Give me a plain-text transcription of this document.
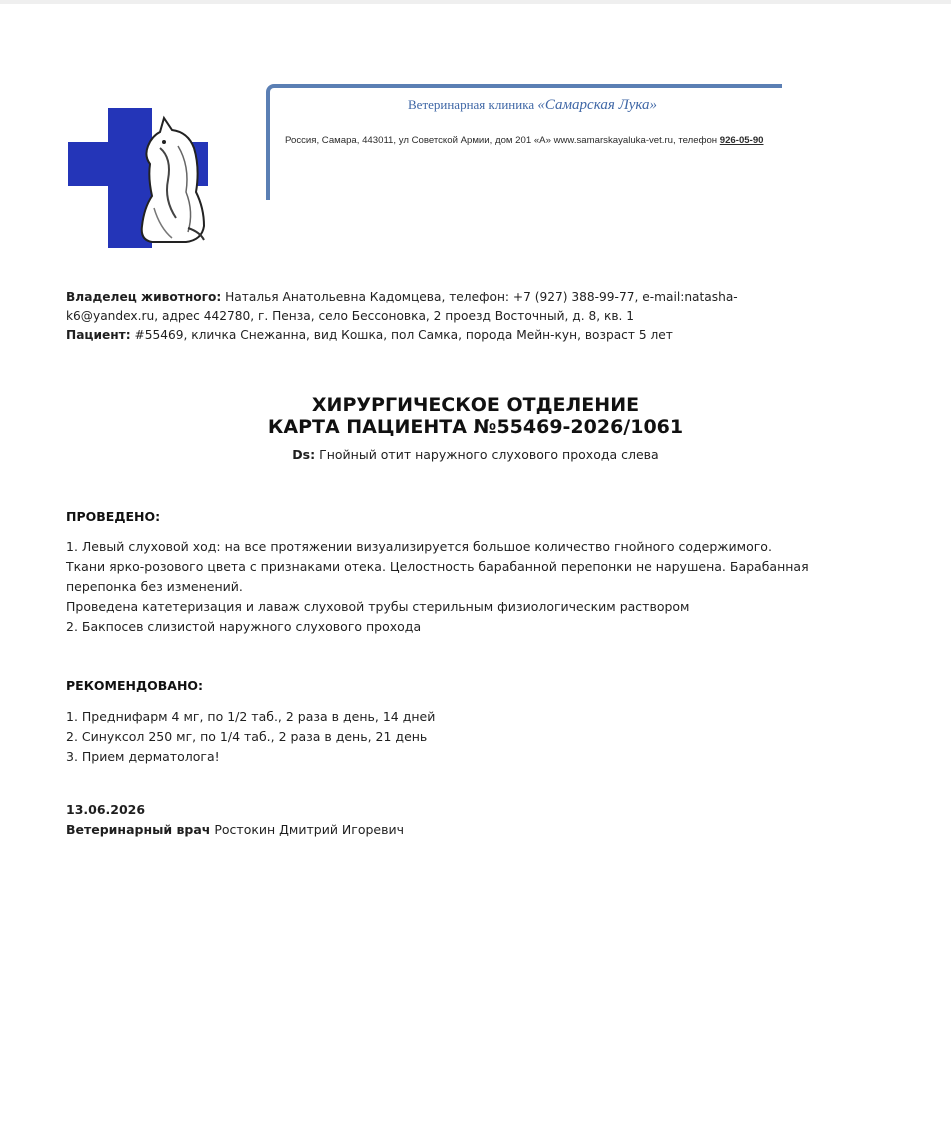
Ветеринарная клиника «Самарская Лука»
Россия, Самара, 443011, ул Советской Армии, дом 201 «А» www.samarskayaluka-vet.ru, телефон 926-05-90
Владелец животного: Наталья Анатольевна Кадомцева, телефон: +7 (927) 388-99-77, e-mail:natasha-
k6@yandex.ru, адрес 442780, г. Пенза, село Бессоновка, 2 проезд Восточный, д. 8, кв. 1
Пациент: #55469, кличка Снежанна, вид Кошка, пол Самка, порода Мейн-кун, возраст 5 лет
ХИРУРГИЧЕСКОЕ ОТДЕЛЕНИЕ
КАРТА ПАЦИЕНТА №55469-2026/1061
Ds: Гнойный отит наружного слухового прохода слева
ПРОВЕДЕНО:

1. Левый слуховой ход: на все протяжении визуализируется большое количество гнойного содержимого.

Ткани ярко-розового цвета с признаками отека. Целостность барабанной перепонки не нарушена. Барабанная

перепонка без изменений.

Проведена катетеризация и лаваж слуховой трубы стерильным физиологическим раствором

2. Бакпосев слизистой наружного слухового прохода

РЕКОМЕНДОВАНО:

1. Преднифарм 4 мг, по 1/2 таб., 2 раза в день, 14 дней

2. Синуксол 250 мг, по 1/4 таб., 2 раза в день, 21 день

3. Прием дерматолога!

13.06.2026
Ветеринарный врач Ростокин Дмитрий Игоревич
